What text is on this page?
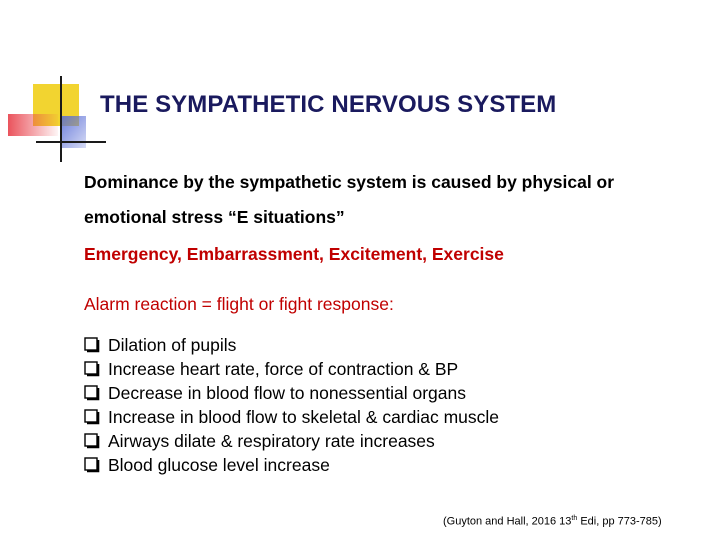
THE SYMPATHETIC NERVOUS SYSTEM
Dominance by the sympathetic system is caused by physical or
emotional stress “E situations”
Emergency, Embarrassment, Excitement, Exercise
Alarm reaction = flight or fight response:
Dilation of pupils
Increase heart rate, force of contraction & BP
Decrease in blood flow to nonessential organs
Increase in blood flow to skeletal & cardiac muscle
Airways dilate & respiratory rate increases
Blood glucose level increase
(Guyton and Hall, 2016 13th Edi, pp 773-785)
